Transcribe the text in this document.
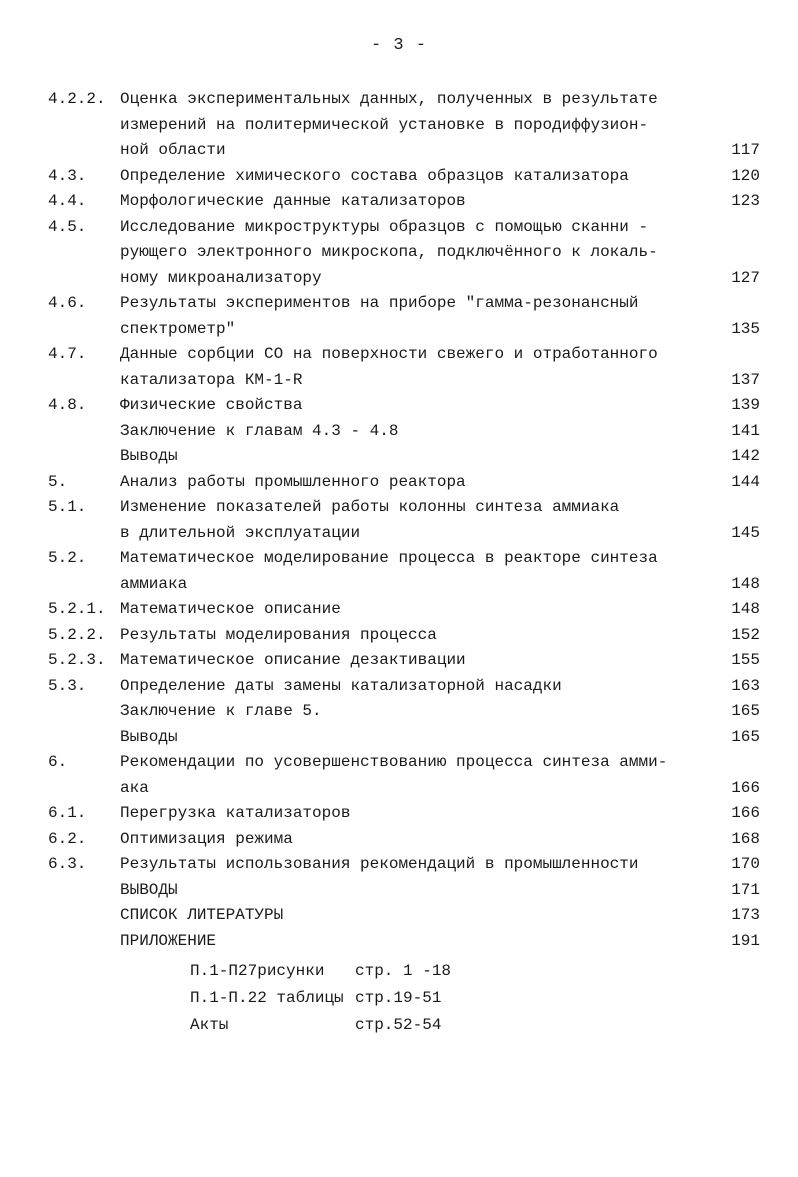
- 3 -
4.2.2. Оценка экспериментальных данных, полученных в результате
измерений на политермической установке в породиффузион-
ной области	117
4.3. Определение химического состава образцов катализатора	120
4.4. Морфологические данные катализаторов	123
4.5. Исследование микроструктуры образцов с помощью сканни -
рующего электронного микроскопа, подключённого к локаль-
ному микроанализатору	127
4.6. Результаты экспериментов на приборе "гамма-резонансный
спектрометр"	135
4.7. Данные сорбции СО на поверхности свежего и отработанного
катализатора КМ-1-R	137
4.8. Физические свойства	139
Заключение к главам 4.3 - 4.8	141
Выводы	142
5.	Анализ работы промышленного реактора	144
5.1. Изменение показателей работы колонны синтеза аммиака
в длительной эксплуатации	145
5.2. Математическое моделирование процесса в реакторе синтеза
аммиака	148
5.2.1. Математическое описание	148
5.2.2. Результаты моделирования процесса	152
5.2.3. Математическое описание дезактивации	155
5.3. Определение даты замены катализаторной насадки	163
Заключение к главе 5.	165
Выводы	165
6.	Рекомендации по усовершенствованию процесса синтеза амми-
ака	166
6.1. Перегрузка катализаторов	166
6.2. Оптимизация режима	168
6.3. Результаты использования рекомендаций в промышленности	170
ВЫВОДЫ	171
СПИСОК ЛИТЕРАТУРЫ	173
ПРИЛОЖЕНИЕ	191
П.1-П27рисунки стр. 1 -18
П.1-П.22 таблицы стр.19-51
Акты	стр.52-54
